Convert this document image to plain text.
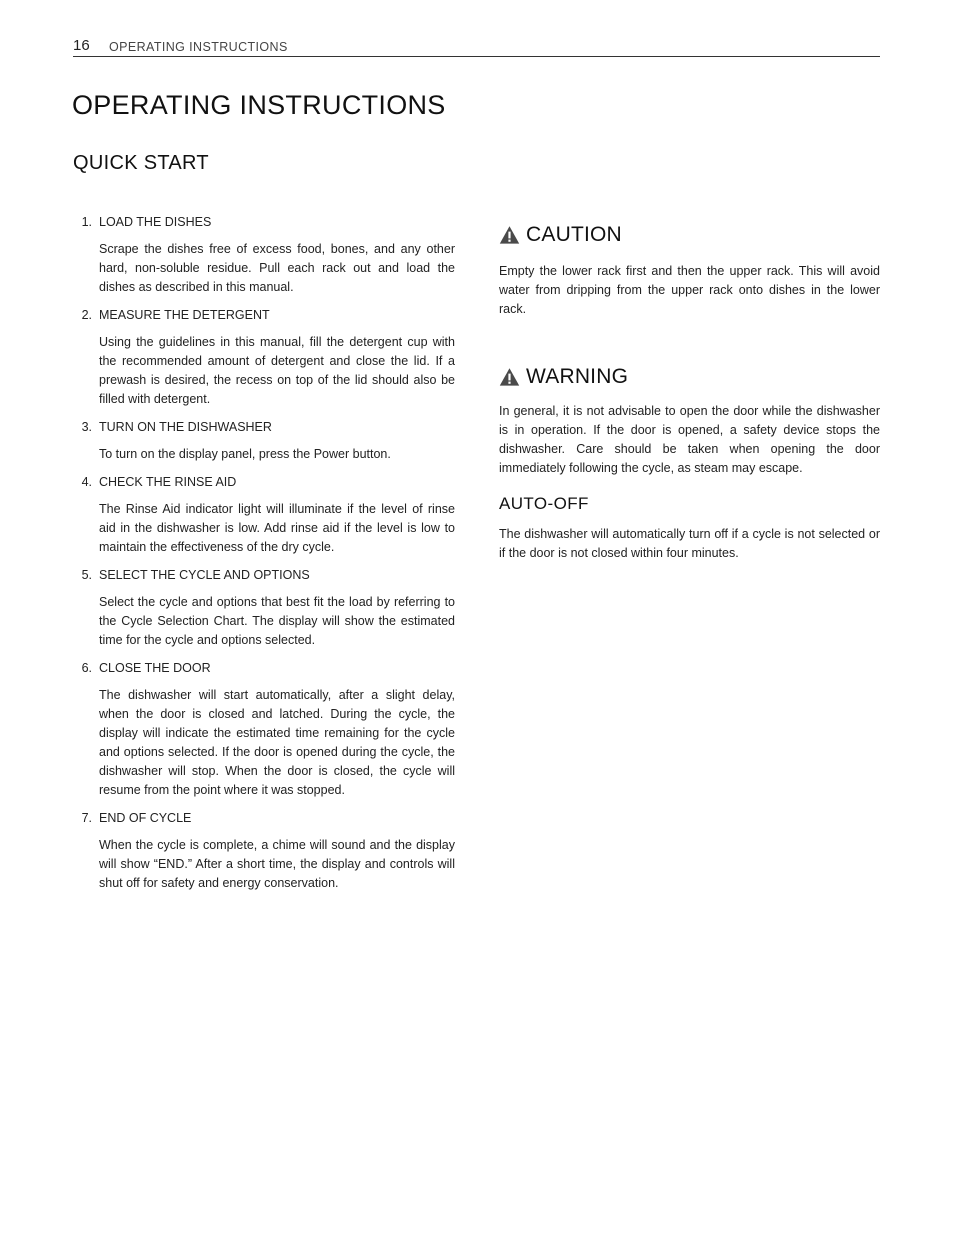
16 OPERATING INSTRUCTIONS
OPERATING INSTRUCTIONS
QUICK START
1 . LOAD THE DISHES
Scrape the dishes free of excess food, bones, and any other hard, non-soluble residue. Pull each rack out and load the dishes as described in this manual.
2 . MEASURE THE DETERGENT
Using the guidelines in this manual, fill the detergent cup with the recommended amount of detergent and close the lid. If a prewash is desired, the recess on top of the lid should also be filled with detergent.
3 . TURN ON THE DISHWASHER
To turn on the display panel, press the Power button.
4 . CHECK THE RINSE AID
The Rinse Aid indicator light will illuminate if the level of rinse aid in the dishwasher is low. Add rinse aid if the level is low to maintain the effectiveness of the dry cycle.
5 . SELECT THE CYCLE AND OPTIONS
Select the cycle and options that best fit the load by referring to the Cycle Selection Chart. The display will show the estimated time for the cycle and options selected.
6 . CLOSE THE DOOR
The dishwasher will start automatically, after a slight delay, when the door is closed and latched. During the cycle, the display will indicate the estimated time remaining for the cycle and options selected. If the door is opened during the cycle, the dishwasher will stop. When the door is closed, the cycle will resume from the point where it was stopped.
7 . END OF CYCLE
When the cycle is complete, a chime will sound and the display will show “END.” After a short time, the display and controls will shut off for safety and energy conservation.
CAUTION
Empty the lower rack first and then the upper rack. This will avoid water from dripping from the upper rack onto dishes in the lower rack.
WARNING
In general, it is not advisable to open the door while the dishwasher is in operation. If the door is opened, a safety device stops the dishwasher. Care should be taken when opening the door immediately following the cycle, as steam may escape.
AUTO-OFF
The dishwasher will automatically turn off if a cycle is not selected or if the door is not closed within four minutes.
